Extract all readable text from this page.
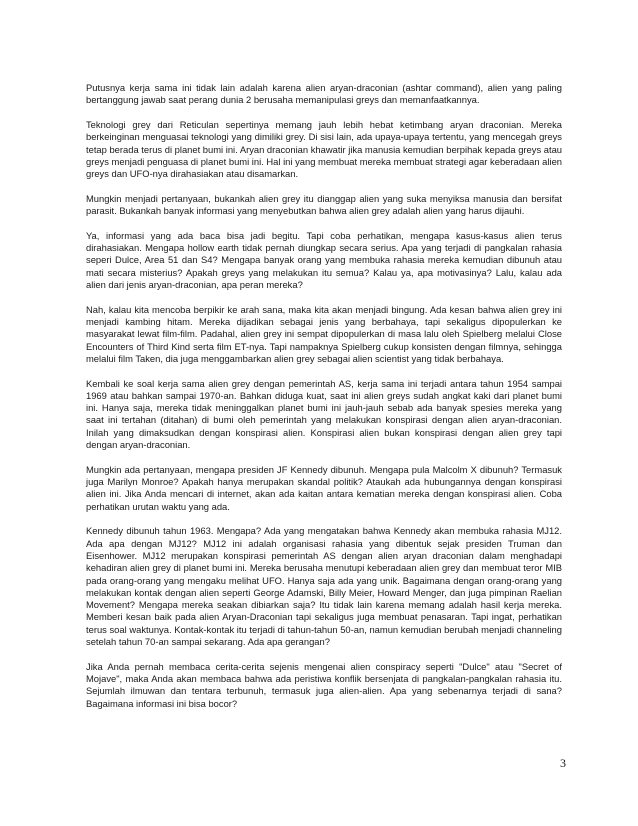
Putusnya kerja sama ini tidak lain adalah karena alien aryan-draconian (ashtar command), alien yang paling bertanggung jawab saat perang dunia 2 berusaha memanipulasi greys dan memanfaatkannya.

Teknologi grey dari Reticulan sepertinya memang jauh lebih hebat ketimbang aryan draconian. Mereka berkeinginan menguasai teknologi yang dimiliki grey. Di sisi lain, ada upaya-upaya tertentu, yang mencegah greys tetap berada terus di planet bumi ini. Aryan draconian khawatir jika manusia kemudian berpihak kepada greys atau greys menjadi penguasa di planet bumi ini. Hal ini yang membuat mereka membuat strategi agar keberadaan alien greys dan UFO-nya dirahasiakan atau disamarkan.

Mungkin menjadi pertanyaan, bukankah alien grey itu dianggap alien yang suka menyiksa manusia dan bersifat parasit. Bukankah banyak informasi yang menyebutkan bahwa alien grey adalah alien yang harus dijauhi.

Ya, informasi yang ada baca bisa jadi begitu. Tapi coba perhatikan, mengapa kasus-kasus alien terus dirahasiakan. Mengapa hollow earth tidak pernah diungkap secara serius. Apa yang terjadi di pangkalan rahasia seperi Dulce, Area 51 dan S4? Mengapa banyak orang yang membuka rahasia mereka kemudian dibunuh atau mati secara misterius? Apakah greys yang melakukan itu semua? Kalau ya, apa motivasinya? Lalu, kalau ada alien dari jenis aryan-draconian, apa peran mereka?

Nah, kalau kita mencoba berpikir ke arah sana, maka kita akan menjadi bingung. Ada kesan bahwa alien grey ini menjadi kambing hitam. Mereka dijadikan sebagai jenis yang berbahaya, tapi sekaligus dipopulerkan ke masyarakat lewat film-film. Padahal, alien grey ini sempat dipopulerkan di masa lalu oleh Spielberg melalui Close Encounters of Third Kind serta film ET-nya. Tapi nampaknya Spielberg cukup konsisten dengan filmnya, sehingga melalui film Taken, dia juga menggambarkan alien grey sebagai alien scientist yang tidak berbahaya.

Kembali ke soal kerja sama alien grey dengan pemerintah AS, kerja sama ini terjadi antara tahun 1954 sampai 1969 atau bahkan sampai 1970-an. Bahkan diduga kuat, saat ini alien greys sudah angkat kaki dari planet bumi ini. Hanya saja, mereka tidak meninggalkan planet bumi ini jauh-jauh sebab ada banyak spesies mereka yang saat ini tertahan (ditahan) di bumi oleh pemerintah yang melakukan konspirasi dengan alien aryan-draconian. Inilah yang dimaksudkan dengan konspirasi alien. Konspirasi alien bukan konspirasi dengan alien grey tapi dengan aryan-draconian.

Mungkin ada pertanyaan, mengapa presiden JF Kennedy dibunuh. Mengapa pula Malcolm X dibunuh? Termasuk juga Marilyn Monroe? Apakah hanya merupakan skandal politik? Ataukah ada hubungannya dengan konspirasi alien ini. Jika Anda mencari di internet, akan ada kaitan antara kematian mereka dengan konspirasi alien. Coba perhatikan urutan waktu yang ada.

Kennedy dibunuh tahun 1963. Mengapa? Ada yang mengatakan bahwa Kennedy akan membuka rahasia MJ12. Ada apa dengan MJ12? MJ12 ini adalah organisasi rahasia yang dibentuk sejak presiden Truman dan Eisenhower. MJ12 merupakan konspirasi pemerintah AS dengan alien aryan draconian dalam menghadapi kehadiran alien grey di planet bumi ini. Mereka berusaha menutupi keberadaan alien grey dan membuat teror MIB pada orang-orang yang mengaku melihat UFO. Hanya saja ada yang unik. Bagaimana dengan orang-orang yang melakukan kontak dengan alien seperti George Adamski, Billy Meier, Howard Menger, dan juga pimpinan Raelian Movement? Mengapa mereka seakan dibiarkan saja? Itu tidak lain karena memang adalah hasil kerja mereka. Memberi kesan baik pada alien Aryan-Draconian tapi sekaligus juga membuat penasaran. Tapi ingat, perhatikan terus soal waktunya. Kontak-kontak itu terjadi di tahun-tahun 50-an, namun kemudian berubah menjadi channeling setelah tahun 70-an sampai sekarang. Ada apa gerangan?

Jika Anda pernah membaca cerita-cerita sejenis mengenai alien conspiracy seperti "Dulce" atau "Secret of Mojave", maka Anda akan membaca bahwa ada peristiwa konflik bersenjata di pangkalan-pangkalan rahasia itu. Sejumlah ilmuwan dan tentara terbunuh, termasuk juga alien-alien. Apa yang sebenarnya terjadi di sana? Bagaimana informasi ini bisa bocor?

3
